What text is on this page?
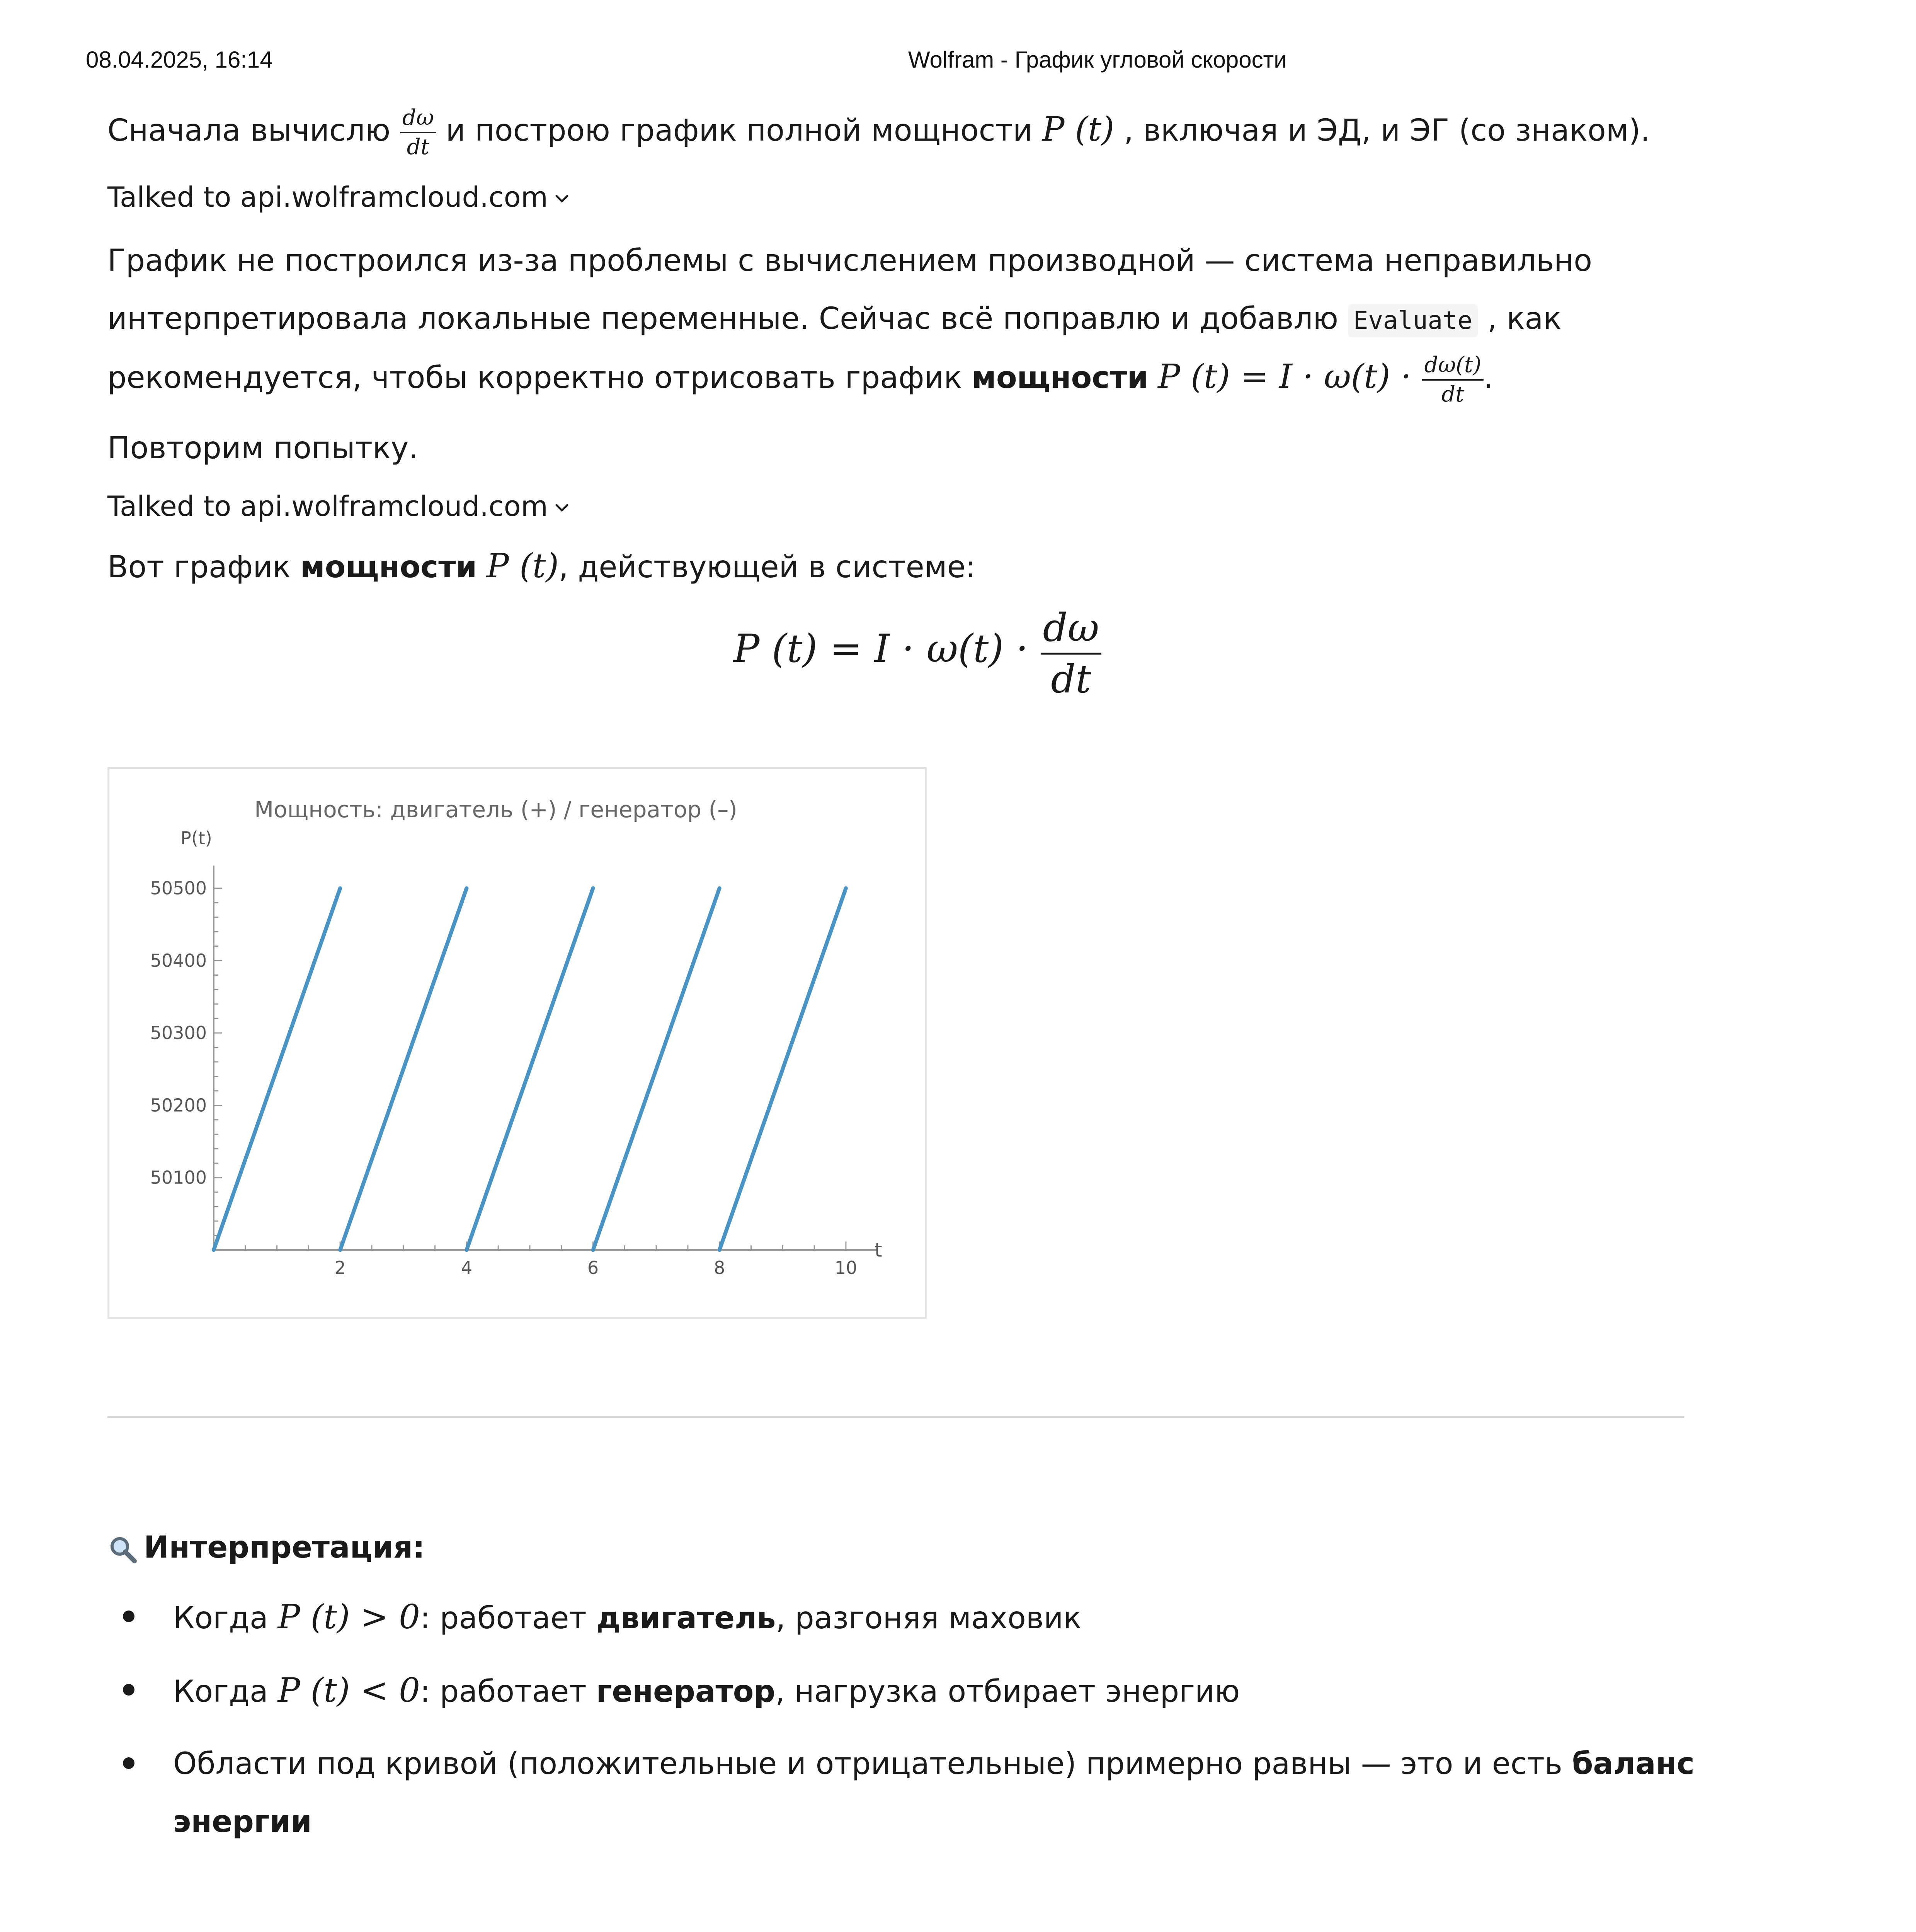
08.04.2025, 16:14	Wolfram - График угловой скорости
Сначала вычислю $\frac{d\omega}{dt}$ и построю график полной мощности P (t) , включая и ЭД, и ЭГ (со знаком).
Talked to api.wolframcloud.com
График не построился из-за проблемы с вычислением производной — система неправильно
интерпретировала локальные переменные. Сейчас всё поправлю и добавлю Evaluate , как
рекомендуется, чтобы корректно отрисовать график мощности P $(t) = I \cdot \omega(t) \cdot \frac{d\omega(t)}{dt}$ .
Повторим попытку.
Talked to api.wolframcloud.com
Вот график мощности P (t), действующей в системе:
P $(t) = I \cdot \omega(t) \cdot \frac{d\omega}{dt}$
Мощность: двигатель (+) / генератор (–)
P(t)
t
2	4	6	8	10
50100
50200
50300
50400
50500
Интерпретация:
Когда P (t) > 0: работает двигатель, разгоняя маховик
Когда P (t) < 0: работает генератор, нагрузка отбирает энергию
Области под кривой (положительные и отрицательные) примерно равны — это и есть баланс
энергии
